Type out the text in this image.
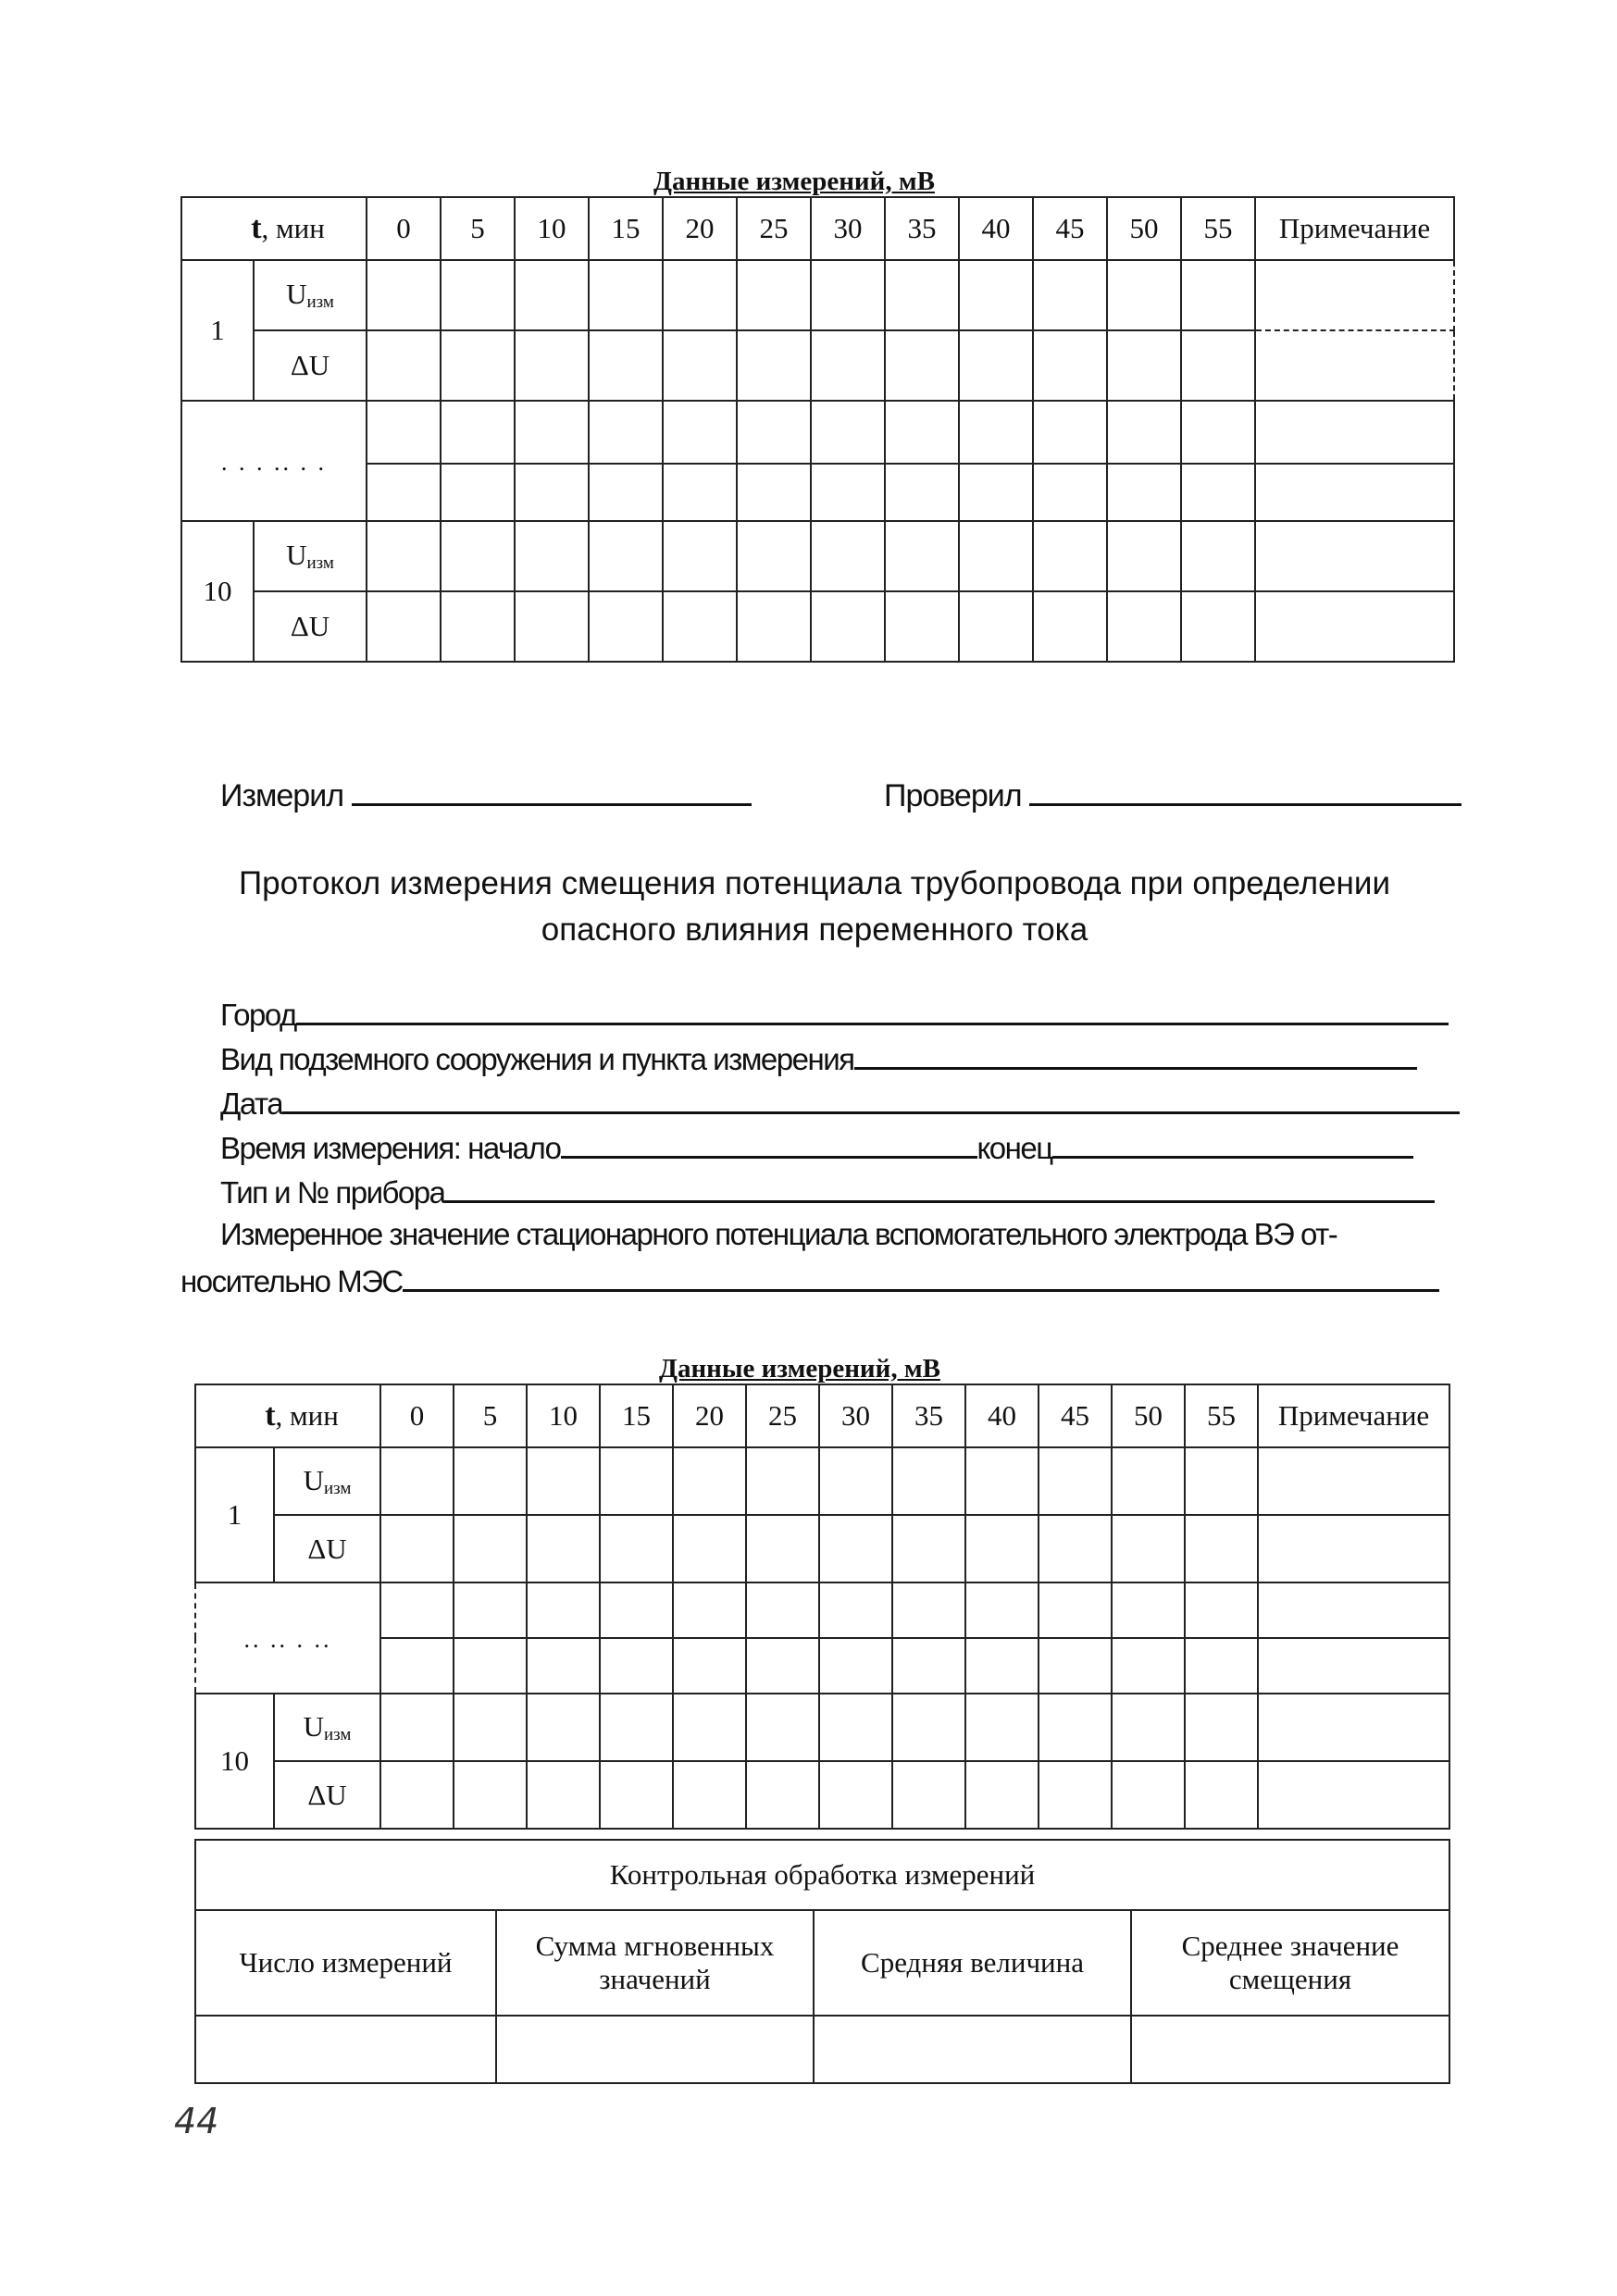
Данные измерений, мВ
t, мин		0	5	10	15	20	25	30	35	40	45	50	55	Примечание
1	$U_{изм}$													
	ΔU													
. . . .. . .														

10	$U_{изм}$													
	ΔU													
Измерил	Проверил
Протокол измерения смещения потенциала трубопровода при определении
опасного влияния переменного тока
Город
Вид подземного сооружения и пункта измерения
Дата
Время измерения: начало	конец
Тип и № прибора
Измеренное значение стационарного потенциала вспомогательного электрода ВЭ от-
носительно МЭС
Данные измерений, мВ
t, мин		0	5	10	15	20	25	30	35	40	45	50	55	Примечание
1	$U_{изм}$													
	ΔU													
.. .. . ..														

10	$U_{изм}$													
	ΔU													
Контрольная обработка измерений			
Число измерений	Сумма мгновенных значений	Средняя величина	Среднее значение смещения

44
